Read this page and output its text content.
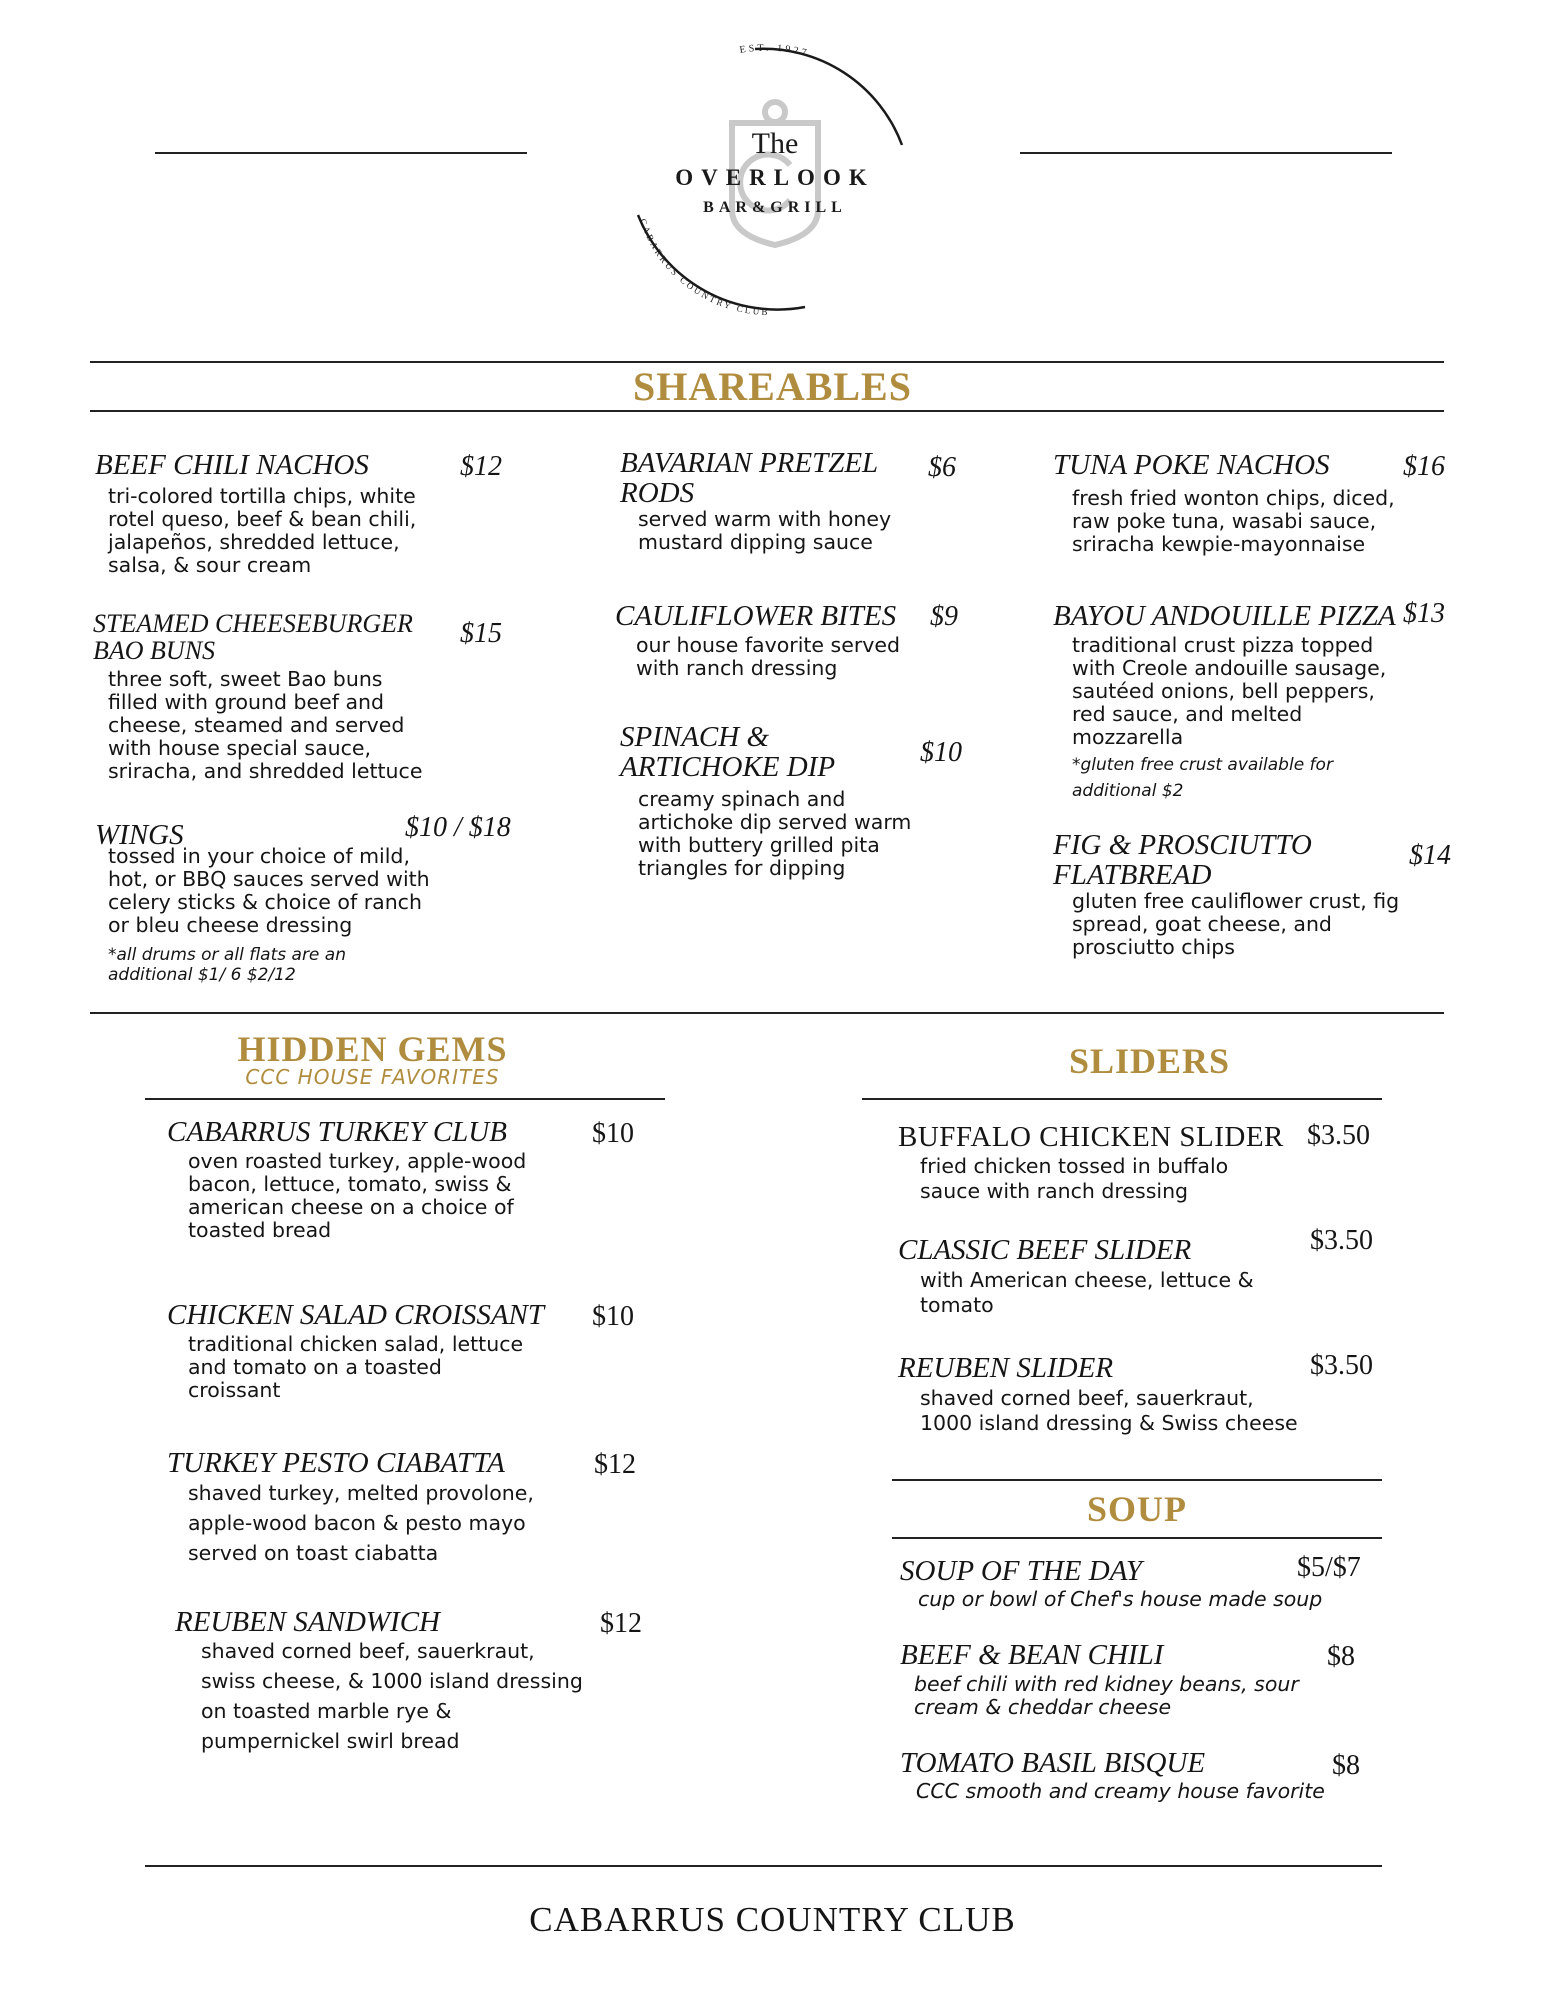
EST. 1927
CABARRUS COUNTRY CLUB
The
OVERLOOK
BAR&GRILL
SHAREABLES
BEEF CHILI NACHOS	$12
tri-colored tortilla chips, white rotel queso, beef & bean chili, jalapeños, shredded lettuce, salsa, & sour cream
STEAMED CHEESEBURGER BAO BUNS
$15
three soft, sweet Bao buns filled with ground beef and cheese, steamed and served with house special sauce, sriracha, and shredded lettuce
WINGS	$10 / $18
tossed in your choice of mild, hot, or BBQ sauces served with celery sticks & choice of ranch or bleu cheese dressing
*all drums or all flats are an additional $1/ 6 $2/12
BAVARIAN PRETZEL RODS
$6
served warm with honey mustard dipping sauce
CAULIFLOWER BITES $9
our house favorite served with ranch dressing
SPINACH & ARTICHOKE DIP	$10
creamy spinach and artichoke dip served warm with buttery grilled pita triangles for dipping
TUNA POKE NACHOS	$16
fresh fried wonton chips, diced, raw poke tuna, wasabi sauce, sriracha kewpie-mayonnaise
BAYOU ANDOUILLE PIZZA $13
traditional crust pizza topped with Creole andouille sausage, sautéed onions, bell peppers, red sauce, and melted mozzarella
*gluten free crust available for additional $2
FIG & PROSCIUTTO FLATBREAD
$14
gluten free cauliflower crust, fig spread, goat cheese, and prosciutto chips
HIDDEN GEMS
CCC HOUSE FAVORITES
CABARRUS TURKEY CLUB	$10
oven roasted turkey, apple-wood bacon, lettuce, tomato, swiss & american cheese on a choice of toasted bread
CHICKEN SALAD CROISSANT $10
traditional chicken salad, lettuce and tomato on a toasted croissant
TURKEY PESTO CIABATTA	$12
shaved turkey, melted provolone, apple-wood bacon & pesto mayo served on toast ciabatta
REUBEN SANDWICH	$12
shaved corned beef, sauerkraut, swiss cheese, & 1000 island dressing on toasted marble rye & pumpernickel swirl bread
SLIDERS
BUFFALO CHICKEN SLIDER $3.50
fried chicken tossed in buffalo sauce with ranch dressing
CLASSIC BEEF SLIDER	$3.50
with American cheese, lettuce & tomato
REUBEN SLIDER	$3.50
shaved corned beef, sauerkraut, 1000 island dressing & Swiss cheese
SOUP
SOUP OF THE DAY	$5/$7
cup or bowl of Chef's house made soup
BEEF & BEAN CHILI	$8
beef chili with red kidney beans, sour cream & cheddar cheese
TOMATO BASIL BISQUE	$8
CCC smooth and creamy house favorite
CABARRUS COUNTRY CLUB
